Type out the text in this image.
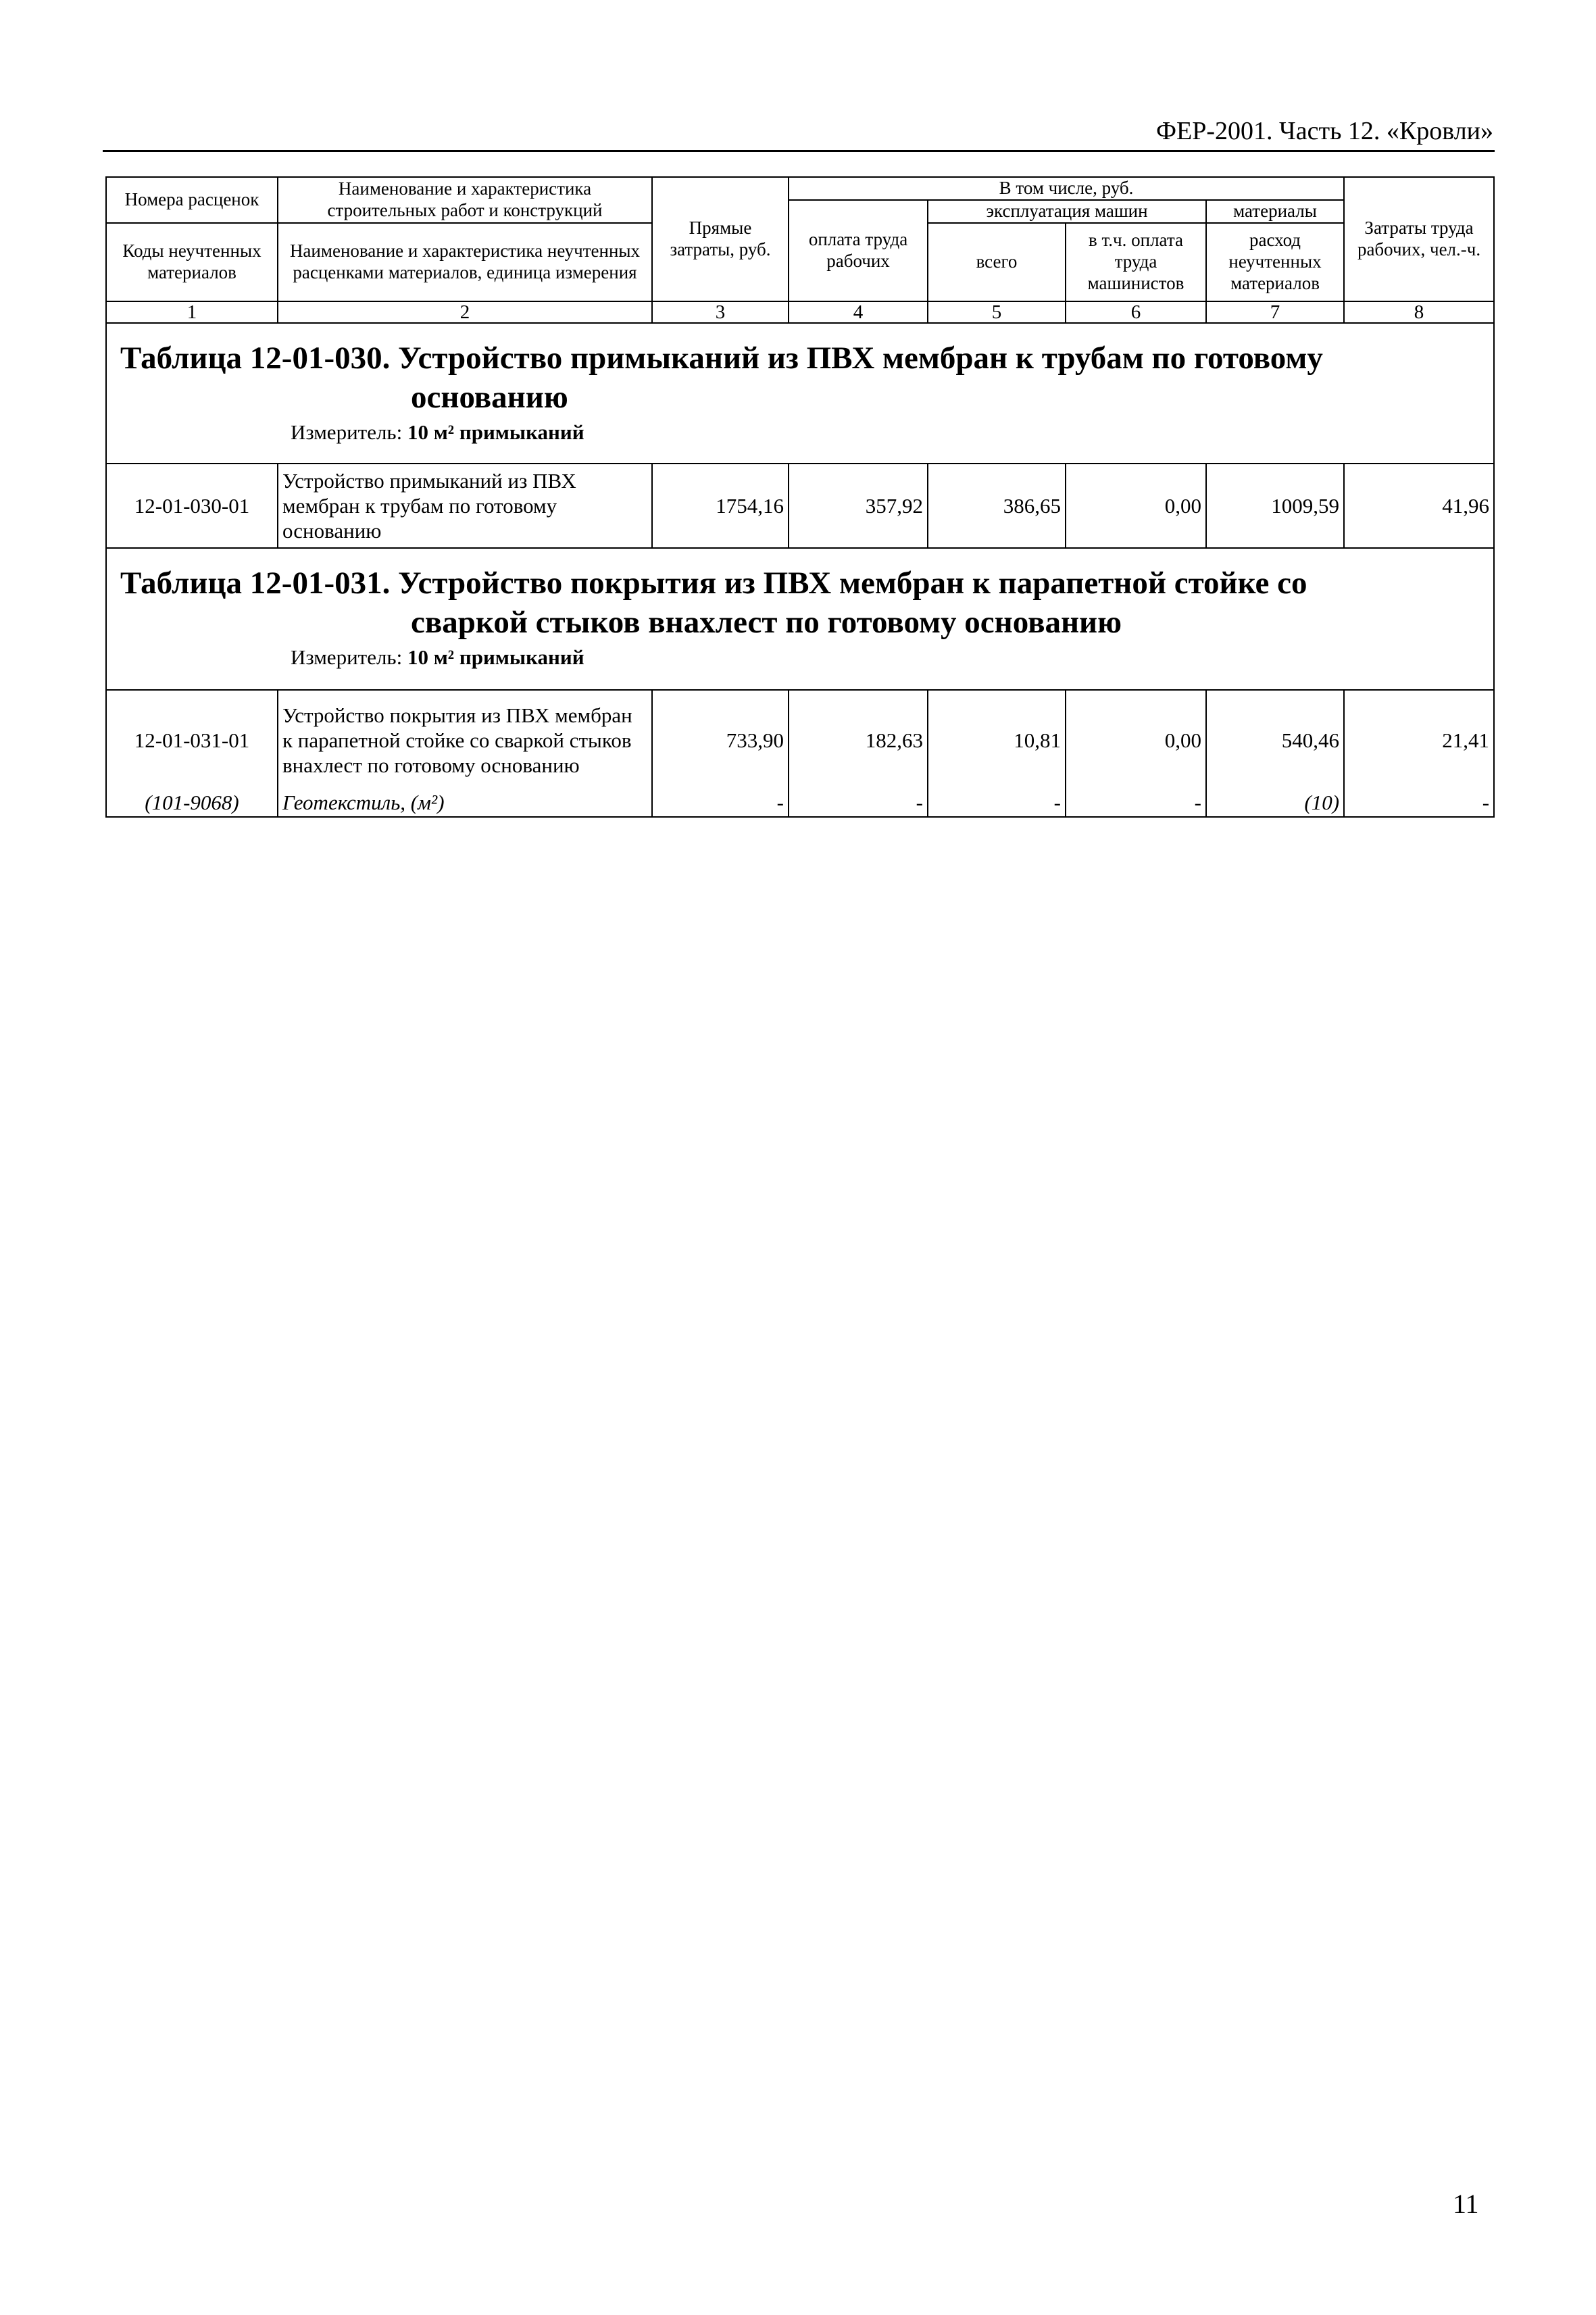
ФЕР-2001. Часть 12. «Кровли»
Номера расценок	Наименование и характеристика строительных работ и конструкций	Прямые затраты, руб.	В том числе, руб.				Затраты труда рабочих, чел.-ч.
			оплата труда рабочих	эксплуатация машин		материалы	
Коды неучтенных материалов	Наименование и характеристика неучтенных расценками материалов, единица измерения			всего	в т.ч. оплата труда машинистов	расход неучтенных материалов	

1	2	3	4	5	6	7	8

Таблица 12-01-030. Устройство примыканий из ПВХ мембран к трубам по готовому
основанию
Измеритель: 10 м² примыканий							

12-01-030-01	Устройство примыканий из ПВХ мембран к трубам по готовому основанию	1754,16	357,92	386,65	0,00	1009,59	41,96

Таблица 12-01-031. Устройство покрытия из ПВХ мембран к парапетной стойке со
сваркой стыков внахлест по готовому основанию
Измеритель: 10 м² примыканий							

12-01-031-01	Устройство покрытия из ПВХ мембран к парапетной стойке со сваркой стыков внахлест по готовому основанию	733,90	182,63	10,81	0,00	540,46	21,41
(101-9068)	Геотекстиль, (м²)	-	-	-	-	(10)	-
11
